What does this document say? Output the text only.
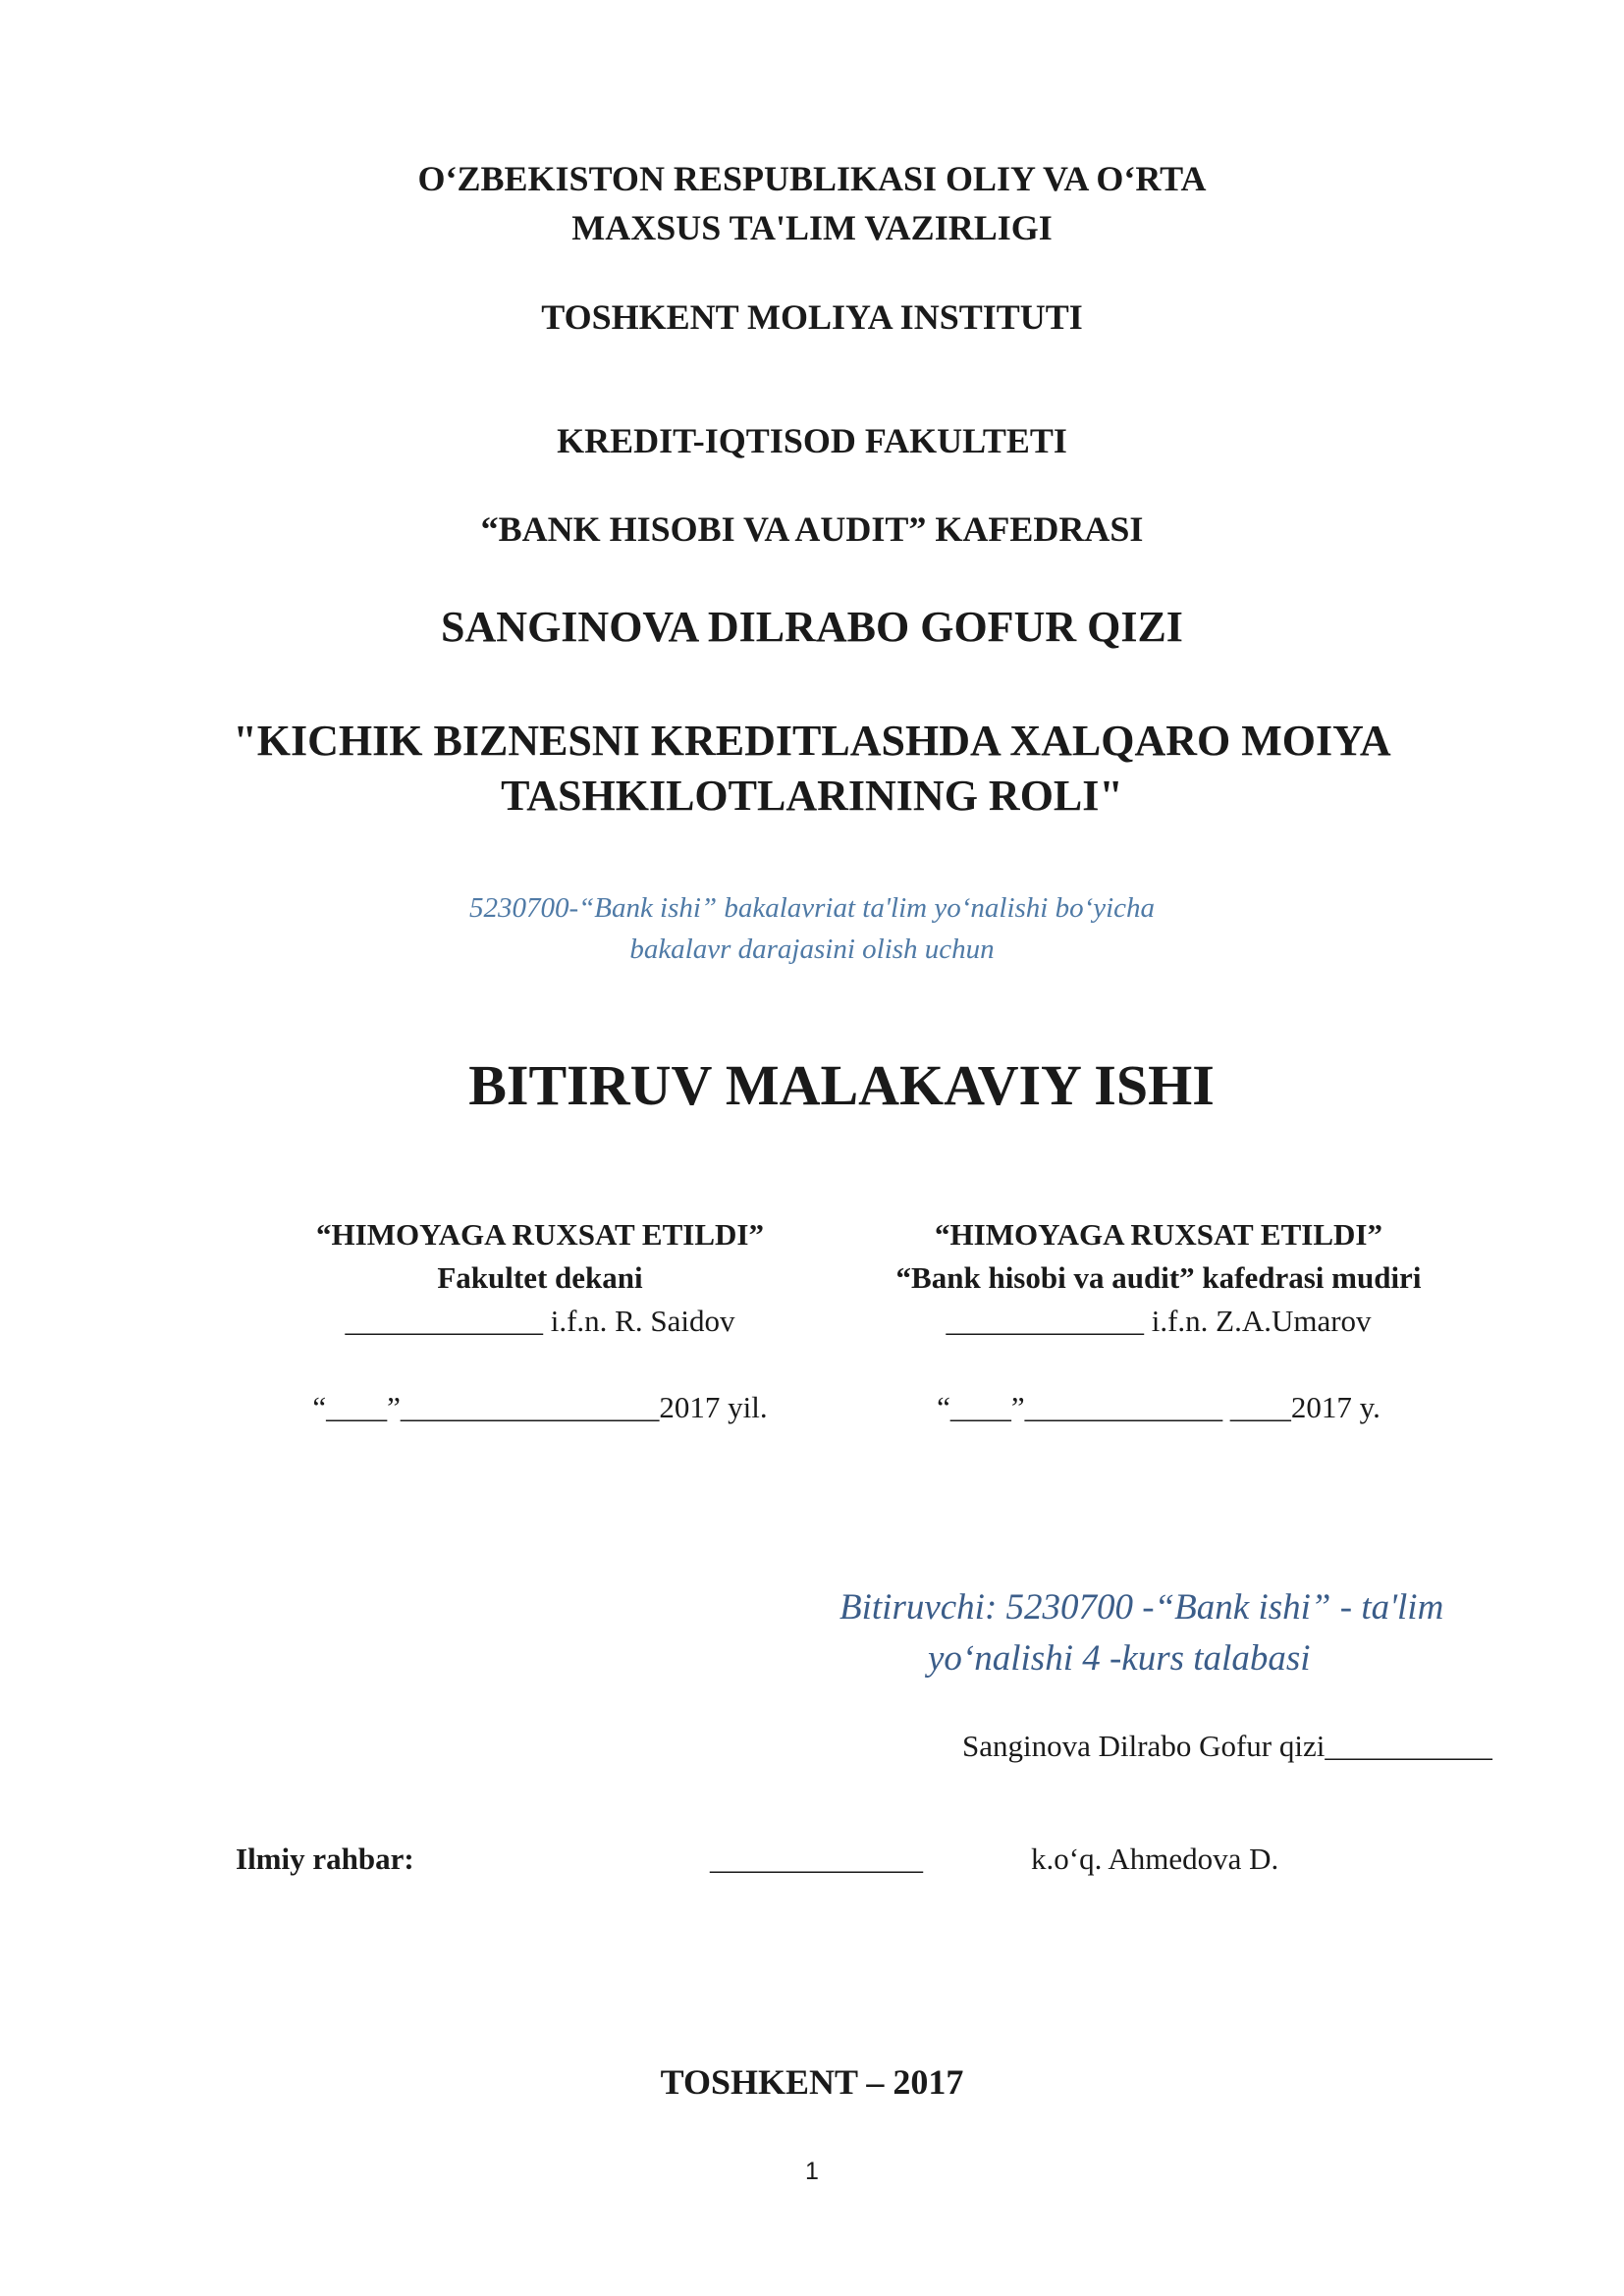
O‘ZBEKISTON RESPUBLIKASI OLIY VA O‘RTA
MAXSUS TA'LIM VAZIRLIGI
TOSHKENT MOLIYA INSTITUTI
KREDIT-IQTISOD FAKULTETI
“BANK HISOBI VA AUDIT” KAFEDRASI
SANGINOVA DILRABO GOFUR QIZI
"KICHIK BIZNESNI KREDITLASHDA XALQARO MOIYA
TASHKILOTLARINING ROLI"
5230700-“Bank ishi” bakalavriat ta'lim yo‘nalishi bo‘yicha
bakalavr darajasini olish uchun
BITIRUV MALAKAVIY ISHI
“HIMOYAGA RUXSAT ETILDI”
Fakultet dekani
_____________ i.f.n. R. Saidov
“____”_________________2017 yil.
“HIMOYAGA RUXSAT ETILDI”
“Bank hisobi va audit” kafedrasi mudiri
_____________ i.f.n. Z.A.Umarov
“____”_____________ ____2017 y.
Bitiruvchi: 5230700 -“Bank ishi” - ta'lim
yo‘nalishi 4 -kurs talabasi
Sanginova Dilrabo Gofur qizi___________
Ilmiy rahbar:	______________	k.o‘q. Ahmedova D.
TOSHKENT – 2017
1
